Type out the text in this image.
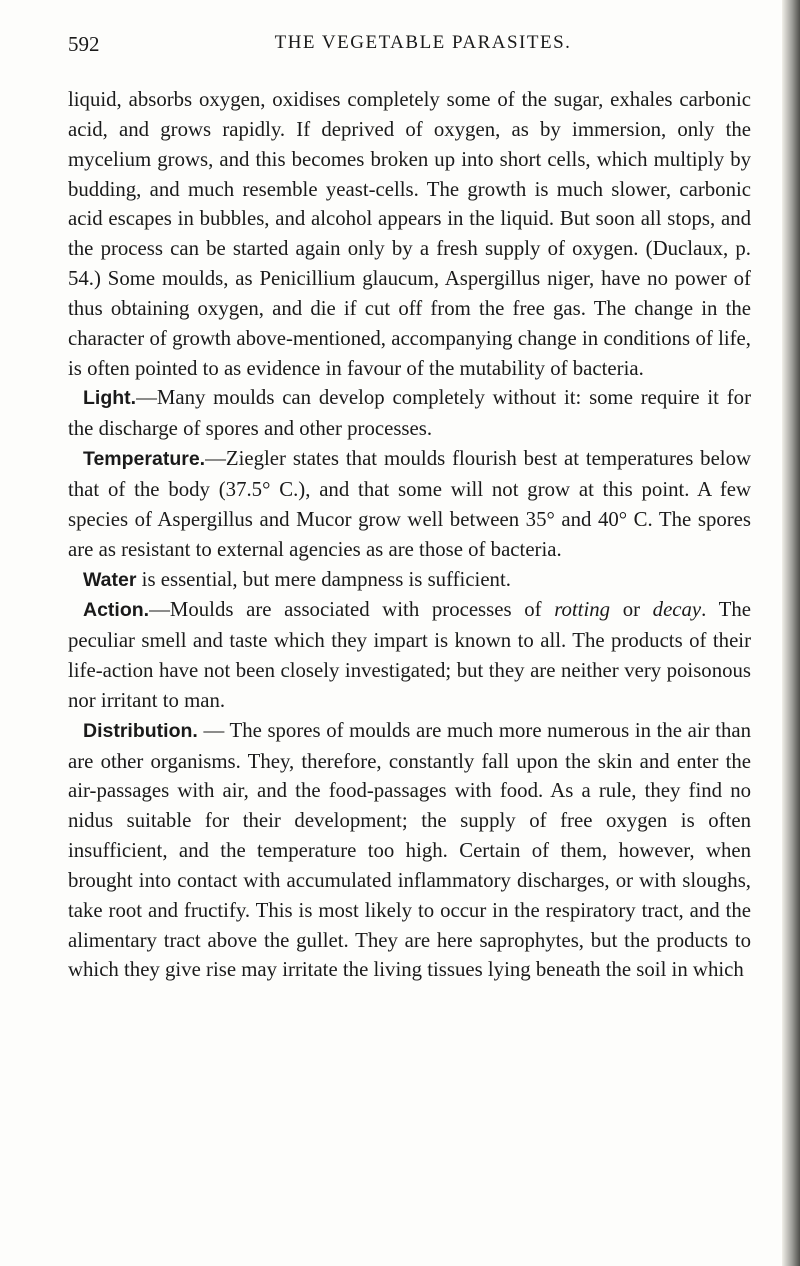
592	THE VEGETABLE PARASITES.

liquid, absorbs oxygen, oxidises completely some of the sugar, exhales carbonic acid, and grows rapidly. If deprived of oxygen, as by immersion, only the mycelium grows, and this becomes broken up into short cells, which multiply by budding, and much resemble yeast-cells. The growth is much slower, carbonic acid escapes in bubbles, and alcohol appears in the liquid. But soon all stops, and the process can be started again only by a fresh supply of oxygen. (Duclaux, p. 54.) Some moulds, as Penicillium glaucum, Aspergillus niger, have no power of thus obtaining oxygen, and die if cut off from the free gas. The change in the character of growth above-mentioned, accompanying change in conditions of life, is often pointed to as evidence in favour of the mutability of bacteria.

Light.—Many moulds can develop completely without it: some require it for the discharge of spores and other processes.

Temperature.—Ziegler states that moulds flourish best at temperatures below that of the body (37.5° C.), and that some will not grow at this point. A few species of Aspergillus and Mucor grow well between 35° and 40° C. The spores are as resistant to external agencies as are those of bacteria.

Water is essential, but mere dampness is sufficient.

Action.—Moulds are associated with processes of rotting or decay. The peculiar smell and taste which they impart is known to all. The products of their life-action have not been closely investigated; but they are neither very poisonous nor irritant to man.

Distribution. — The spores of moulds are much more numerous in the air than are other organisms. They, therefore, constantly fall upon the skin and enter the air-passages with air, and the food-passages with food. As a rule, they find no nidus suitable for their development; the supply of free oxygen is often insufficient, and the temperature too high. Certain of them, however, when brought into contact with accumulated inflammatory discharges, or with sloughs, take root and fructify. This is most likely to occur in the respiratory tract, and the alimentary tract above the gullet. They are here saprophytes, but the products to which they give rise may irritate the living tissues lying beneath the soil in which
